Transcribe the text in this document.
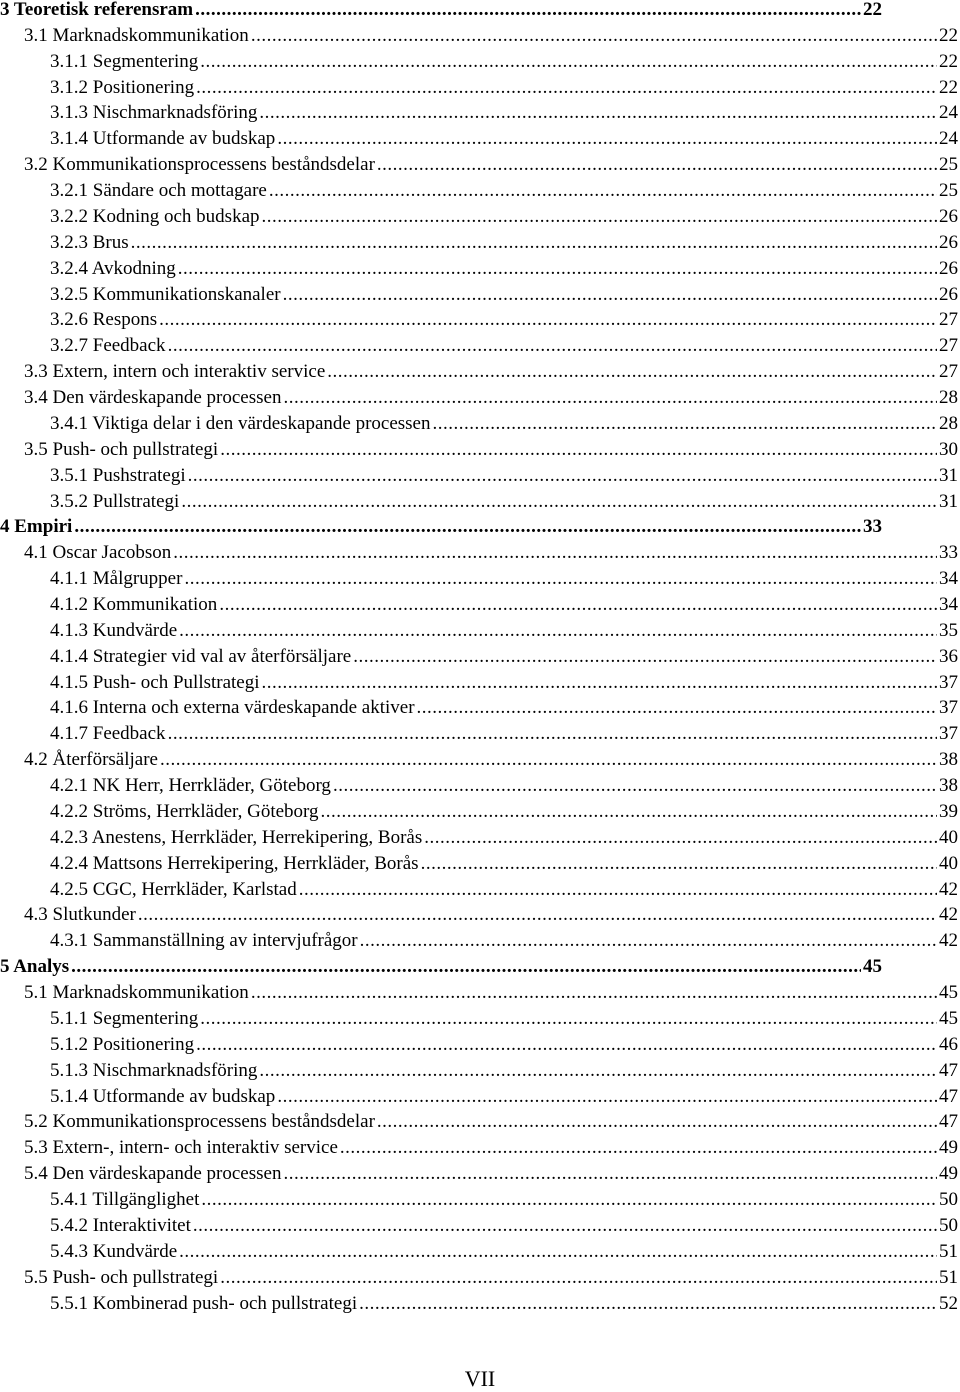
3 Teoretisk referensram .....	22
3.1 Marknadskommunikation .....	22
3.1.1 Segmentering .....	22
3.1.2 Positionering .....	22
3.1.3 Nischmarknadsföring .....	24
3.1.4 Utformande av budskap .....	24
3.2 Kommunikationsprocessens beståndsdelar .....	25
3.2.1 Sändare och mottagare .....	25
3.2.2 Kodning och budskap .....	26
3.2.3 Brus .....	26
3.2.4 Avkodning .....	26
3.2.5 Kommunikationskanaler .....	26
3.2.6 Respons .....	27
3.2.7 Feedback .....	27
3.3 Extern, intern och interaktiv service .....	27
3.4 Den värdeskapande processen .....	28
3.4.1 Viktiga delar i den värdeskapande processen .....	28
3.5 Push- och pullstrategi .....	30
3.5.1 Pushstrategi .....	31
3.5.2 Pullstrategi .....	31
4 Empiri .....	33
4.1 Oscar Jacobson .....	33
4.1.1 Målgrupper .....	34
4.1.2 Kommunikation .....	34
4.1.3 Kundvärde .....	35
4.1.4 Strategier vid val av återförsäljare .....	36
4.1.5 Push- och Pullstrategi .....	37
4.1.6 Interna och externa värdeskapande aktiver .....	37
4.1.7 Feedback .....	37
4.2 Återförsäljare .....	38
4.2.1 NK Herr, Herrkläder, Göteborg .....	38
4.2.2 Ströms, Herrkläder, Göteborg .....	39
4.2.3 Anestens, Herrkläder, Herrekipering, Borås .....	40
4.2.4 Mattsons Herrekipering, Herrkläder, Borås .....	40
4.2.5 CGC, Herrkläder, Karlstad .....	42
4.3 Slutkunder .....	42
4.3.1 Sammanställning av intervjufrågor .....	42
5 Analys .....	45
5.1 Marknadskommunikation .....	45
5.1.1 Segmentering .....	45
5.1.2 Positionering .....	46
5.1.3 Nischmarknadsföring .....	47
5.1.4 Utformande av budskap .....	47
5.2 Kommunikationsprocessens beståndsdelar .....	47
5.3 Extern-, intern- och interaktiv service .....	49
5.4 Den värdeskapande processen .....	49
5.4.1 Tillgänglighet .....	50
5.4.2 Interaktivitet .....	50
5.4.3 Kundvärde .....	51
5.5 Push- och pullstrategi .....	51
5.5.1 Kombinerad push- och pullstrategi .....	52
VII
